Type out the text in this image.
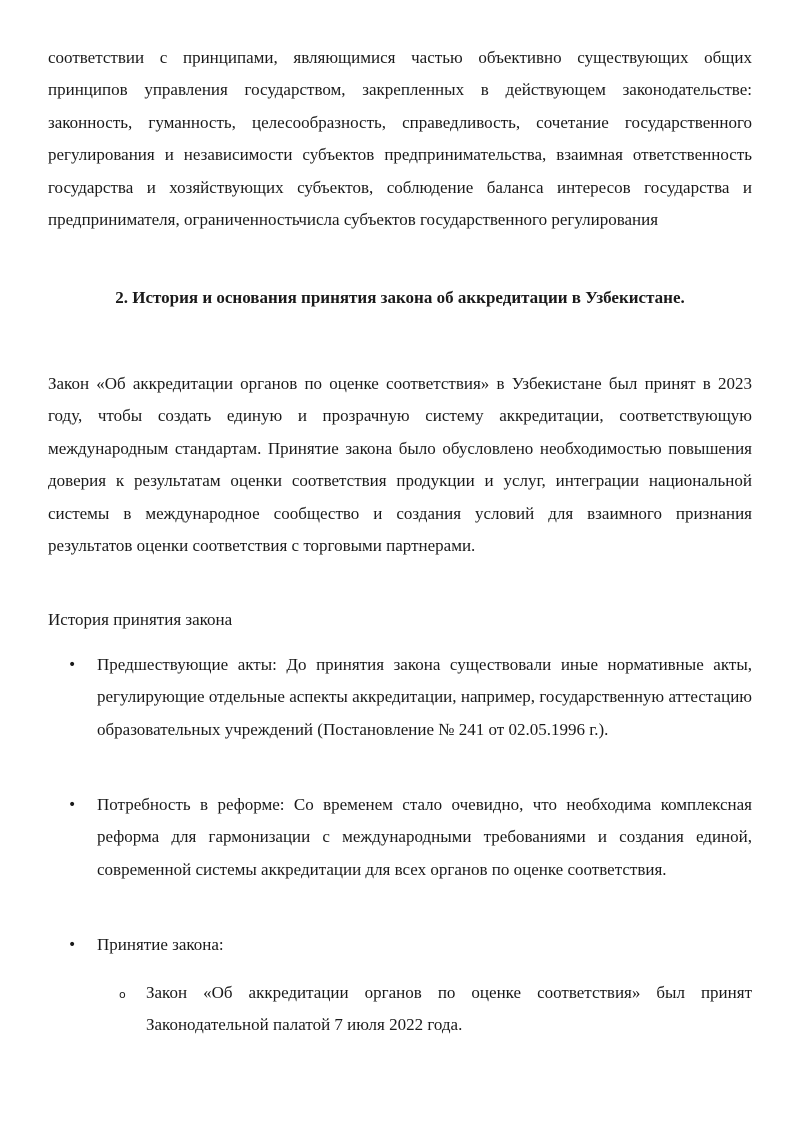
соответствии с принципами, являющимися частью объективно существующих общих принципов управления государством, закрепленных в действующем законодательстве: законность, гуманность, целесообразность, справедливость, сочетание государственного регулирования и независимости субъектов предпринимательства, взаимная ответственность государства и хозяйствующих субъектов, соблюдение баланса интересов государства и предпринимателя, ограниченностьчисла субъектов государственного регулирования

2. История и основания принятия закона об аккредитации в Узбекистане.

Закон «Об аккредитации органов по оценке соответствия» в Узбекистане был принят в 2023 году, чтобы создать единую и прозрачную систему аккредитации, соответствующую международным стандартам. Принятие закона было обусловлено необходимостью повышения доверия к результатам оценки соответствия продукции и услуг, интеграции национальной системы в международное сообщество и создания условий для взаимного признания результатов оценки соответствия с торговыми партнерами.

История принятия закона

• Предшествующие акты: До принятия закона существовали иные нормативные акты, регулирующие отдельные аспекты аккредитации, например, государственную аттестацию образовательных учреждений (Постановление № 241 от 02.05.1996 г.).

• Потребность в реформе: Со временем стало очевидно, что необходима комплексная реформа для гармонизации с международными требованиями и создания единой, современной системы аккредитации для всех органов по оценке соответствия.

• Принятие закона:

o Закон «Об аккредитации органов по оценке соответствия» был принят Законодательной палатой 7 июля 2022 года.
